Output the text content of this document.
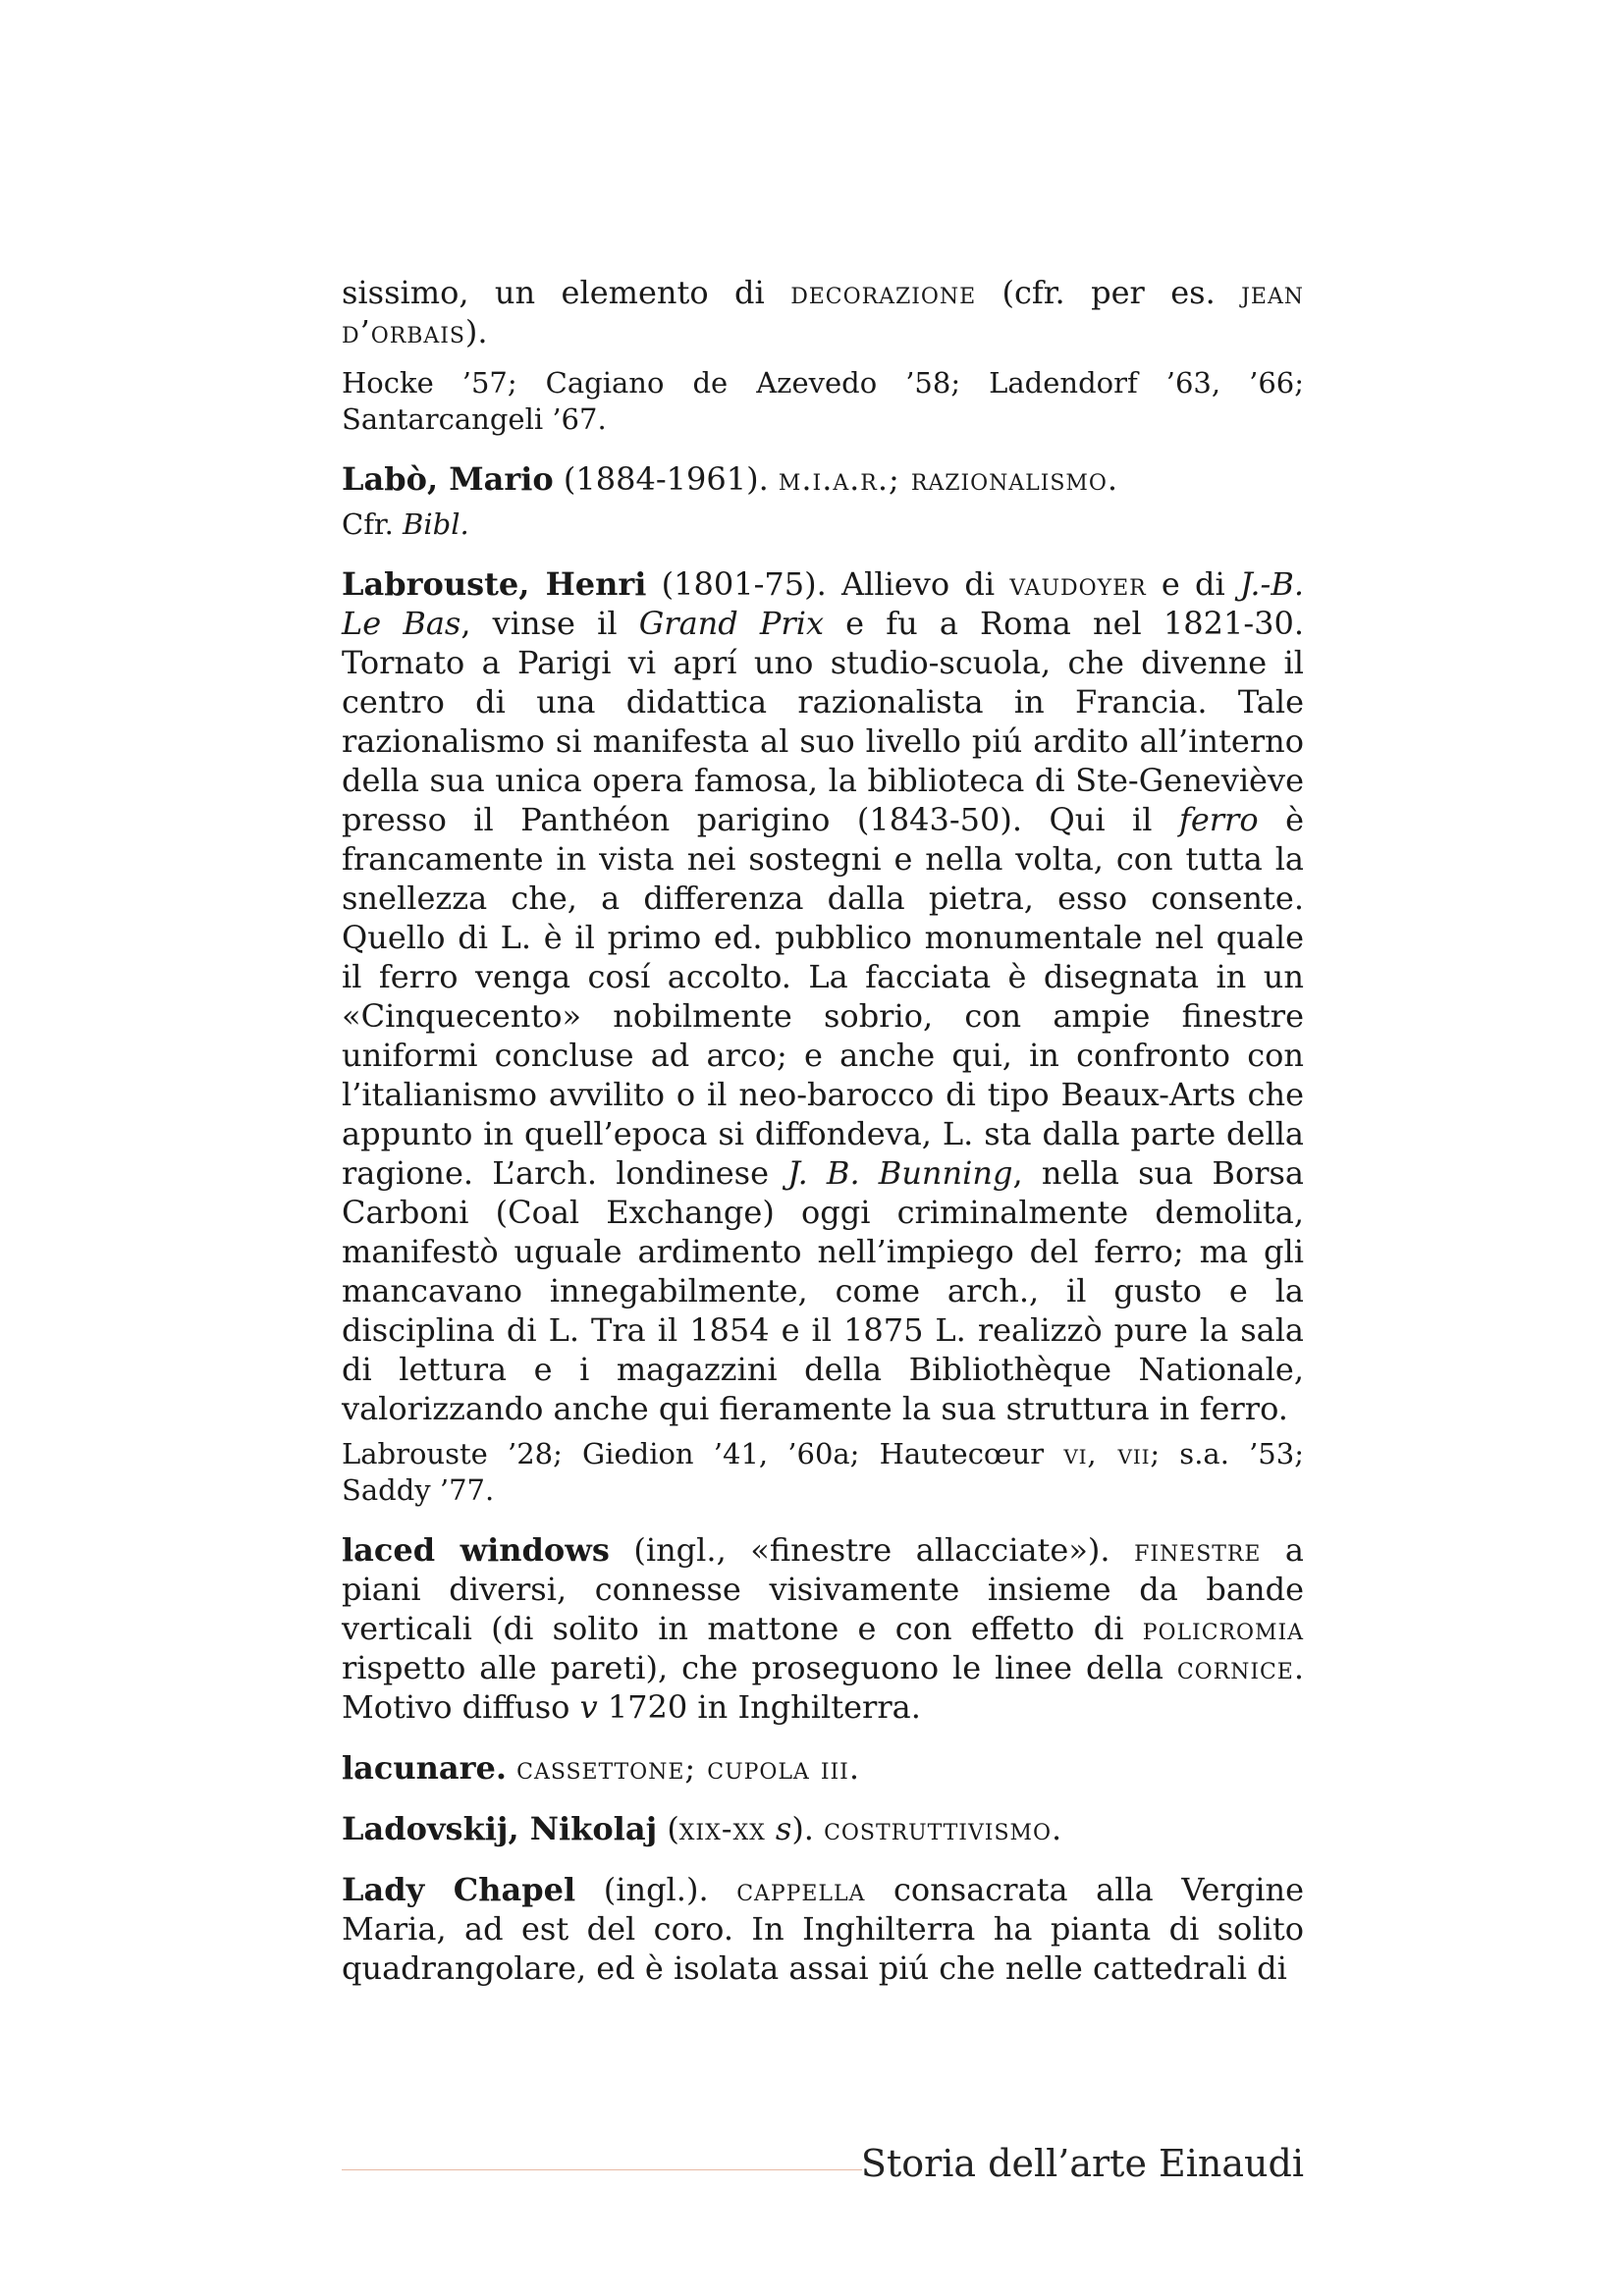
sissimo, un elemento di decorazione (cfr. per es. jean d’orbais).

Hocke ’57; Cagiano de Azevedo ’58; Ladendorf ’63, ’66; Santarcangeli ’67.

Labò, Mario (1884-1961). m.i.a.r.; razionalismo.

Cfr. Bibl.

Labrouste, Henri (1801-75). Allievo di vaudoyer e di J.-B. Le Bas, vinse il Grand Prix e fu a Roma nel 1821-30. Tornato a Parigi vi aprí uno studio-scuola, che divenne il centro di una didattica razionalista in Francia. Tale razionalismo si manifesta al suo livello piú ardito all’interno della sua unica opera famosa, la biblioteca di Ste-Geneviève presso il Panthéon parigino (1843-50). Qui il ferro è francamente in vista nei sostegni e nella volta, con tutta la snellezza che, a differenza dalla pietra, esso consente. Quello di L. è il primo ed. pubblico monumentale nel quale il ferro venga cosí accolto. La facciata è disegnata in un «Cinquecento» nobilmente sobrio, con ampie finestre uniformi concluse ad arco; e anche qui, in confronto con l’italianismo avvilito o il neo-barocco di tipo Beaux-Arts che appunto in quell’epoca si diffondeva, L. sta dalla parte della ragione. L’arch. londinese J. B. Bunning, nella sua Borsa Carboni (Coal Exchange) oggi criminalmente demolita, manifestò uguale ardimento nell’impiego del ferro; ma gli mancavano innegabilmente, come arch., il gusto e la disciplina di L. Tra il 1854 e il 1875 L. realizzò pure la sala di lettura e i magazzini della Bibliothèque Nationale, valorizzando anche qui fieramente la sua struttura in ferro.

Labrouste ’28; Giedion ’41, ’60a; Hautecœur vi, vii; s.a. ’53; Saddy ’77.

laced windows (ingl., «finestre allacciate»). finestre a piani diversi, connesse visivamente insieme da bande verticali (di solito in mattone e con effetto di policromia rispetto alle pareti), che proseguono le linee della cornice. Motivo diffuso v 1720 in Inghilterra.

lacunare. cassettone; cupola iii.

Ladovskij, Nikolaj (xix-xx s). costruttivismo.

Lady Chapel (ingl.). cappella consacrata alla Vergine Maria, ad est del coro. In Inghilterra ha pianta di solito quadrangolare, ed è isolata assai piú che nelle cattedrali di

Storia dell’arte Einaudi
